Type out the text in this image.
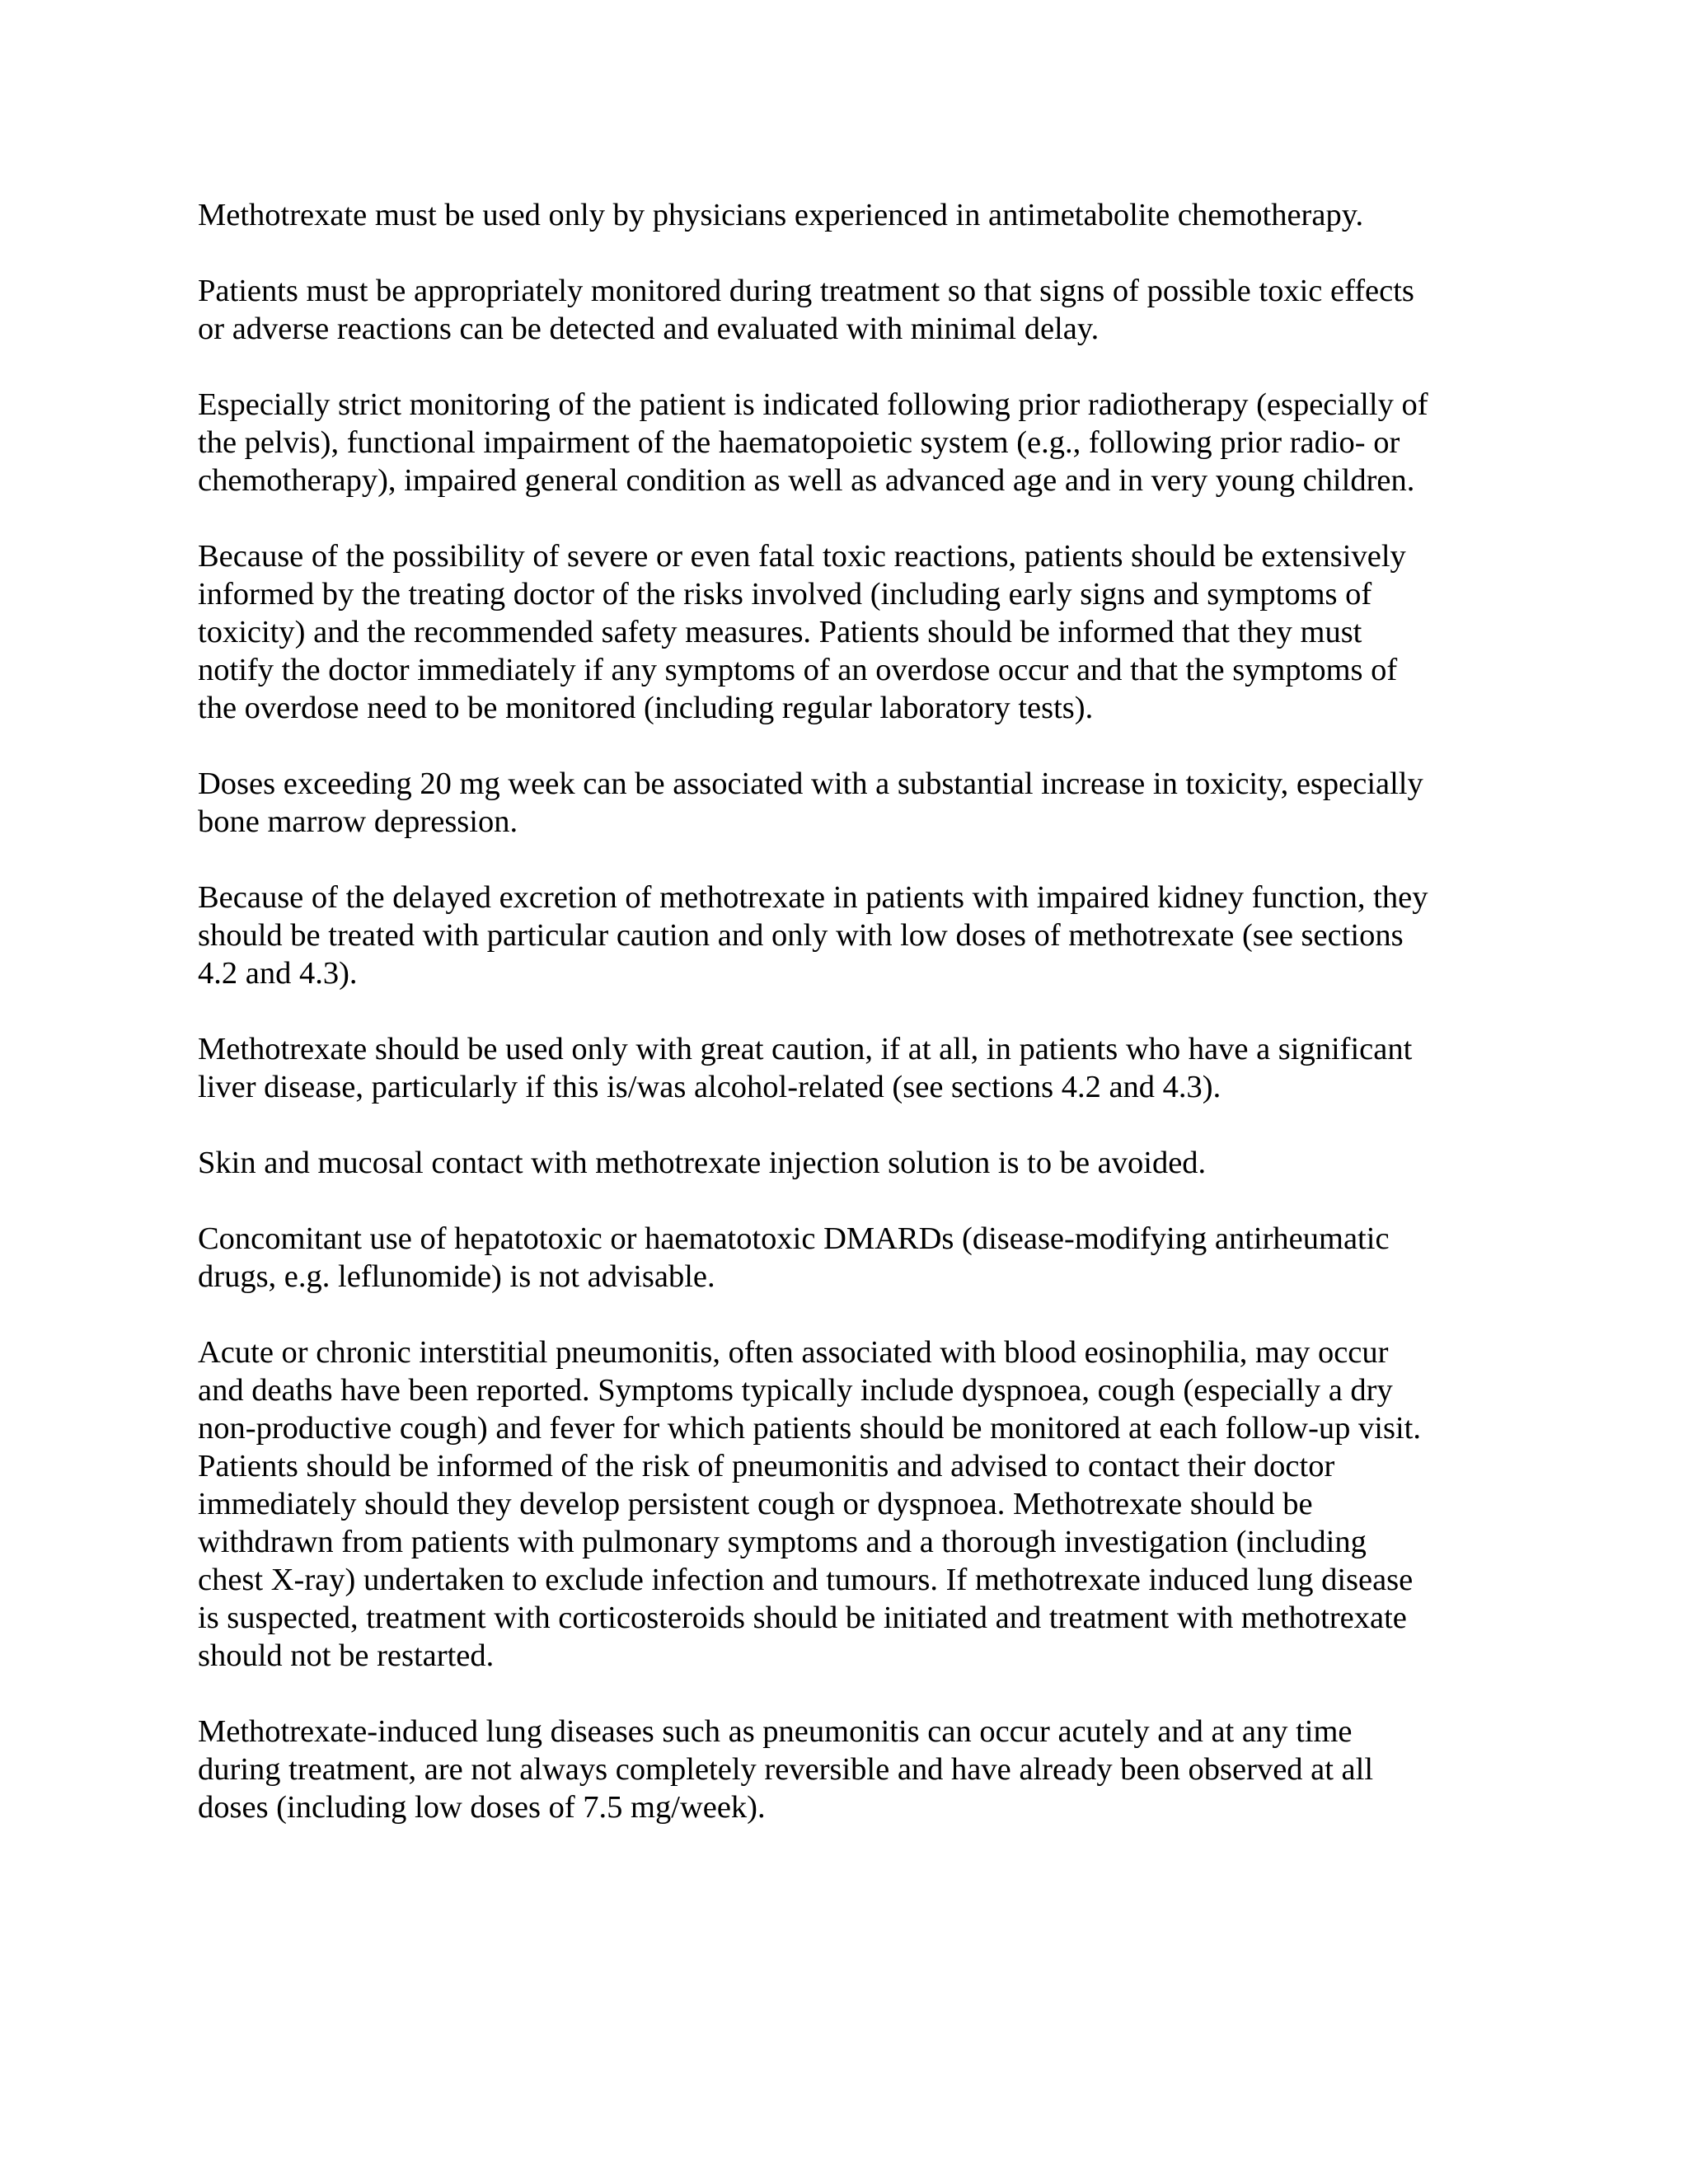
Methotrexate must be used only by physicians experienced in antimetabolite chemotherapy.

Patients must be appropriately monitored during treatment so that signs of possible toxic effects
or adverse reactions can be detected and evaluated with minimal delay.

Especially strict monitoring of the patient is indicated following prior radiotherapy (especially of
the pelvis), functional impairment of the haematopoietic system (e.g., following prior radio- or
chemotherapy), impaired general condition as well as advanced age and in very young children.

Because of the possibility of severe or even fatal toxic reactions, patients should be extensively
informed by the treating doctor of the risks involved (including early signs and symptoms of
toxicity) and the recommended safety measures. Patients should be informed that they must
notify the doctor immediately if any symptoms of an overdose occur and that the symptoms of
the overdose need to be monitored (including regular laboratory tests).

Doses exceeding 20 mg week can be associated with a substantial increase in toxicity, especially
bone marrow depression.

Because of the delayed excretion of methotrexate in patients with impaired kidney function, they
should be treated with particular caution and only with low doses of methotrexate (see sections
4.2 and 4.3).

Methotrexate should be used only with great caution, if at all, in patients who have a significant
liver disease, particularly if this is/was alcohol-related (see sections 4.2 and 4.3).

Skin and mucosal contact with methotrexate injection solution is to be avoided.

Concomitant use of hepatotoxic or haematotoxic DMARDs (disease-modifying antirheumatic
drugs, e.g. leflunomide) is not advisable.

Acute or chronic interstitial pneumonitis, often associated with blood eosinophilia, may occur
and deaths have been reported. Symptoms typically include dyspnoea, cough (especially a dry
non-productive cough) and fever for which patients should be monitored at each follow-up visit.
Patients should be informed of the risk of pneumonitis and advised to contact their doctor
immediately should they develop persistent cough or dyspnoea. Methotrexate should be
withdrawn from patients with pulmonary symptoms and a thorough investigation (including
chest X-ray) undertaken to exclude infection and tumours. If methotrexate induced lung disease
is suspected, treatment with corticosteroids should be initiated and treatment with methotrexate
should not be restarted.

Methotrexate-induced lung diseases such as pneumonitis can occur acutely and at any time
during treatment, are not always completely reversible and have already been observed at all
doses (including low doses of 7.5 mg/week).
